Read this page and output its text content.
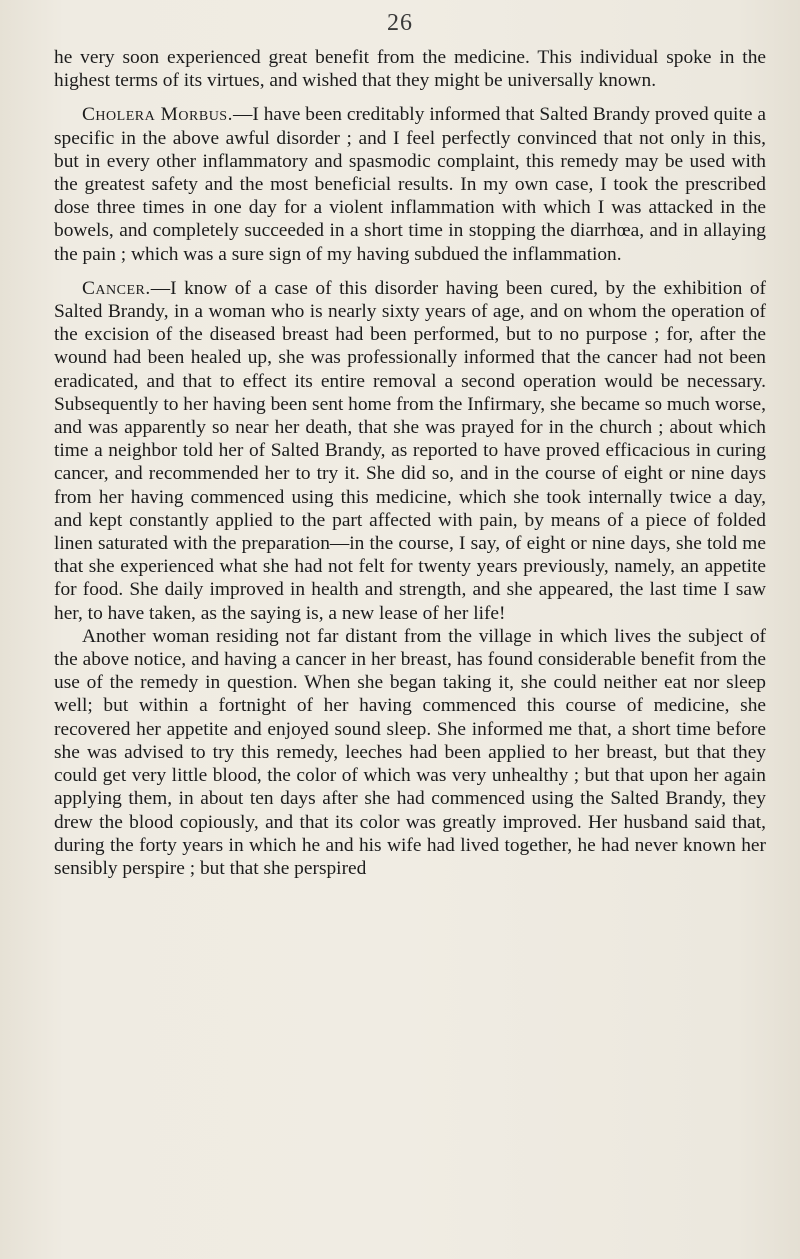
26

he very soon experienced great benefit from the medicine. This individual spoke in the highest terms of its virtues, and wished that they might be universally known.

Cholera Morbus.—I have been creditably informed that Salted Brandy proved quite a specific in the above awful disorder ; and I feel perfectly convinced that not only in this, but in every other inflammatory and spasmodic complaint, this remedy may be used with the greatest safety and the most beneficial results. In my own case, I took the prescribed dose three times in one day for a violent inflammation with which I was attacked in the bowels, and completely succeeded in a short time in stopping the diarrhœa, and in allaying the pain ; which was a sure sign of my having subdued the inflammation.

Cancer.—I know of a case of this disorder having been cured, by the exhibition of Salted Brandy, in a woman who is nearly sixty years of age, and on whom the operation of the excision of the diseased breast had been performed, but to no purpose ; for, after the wound had been healed up, she was professionally informed that the cancer had not been eradicated, and that to effect its entire removal a second operation would be necessary. Subsequently to her having been sent home from the Infirmary, she became so much worse, and was apparently so near her death, that she was prayed for in the church ; about which time a neighbor told her of Salted Brandy, as reported to have proved efficacious in curing cancer, and recommended her to try it. She did so, and in the course of eight or nine days from her having commenced using this medicine, which she took internally twice a day, and kept constantly applied to the part affected with pain, by means of a piece of folded linen saturated with the preparation—in the course, I say, of eight or nine days, she told me that she experienced what she had not felt for twenty years previously, namely, an appetite for food. She daily improved in health and strength, and she appeared, the last time I saw her, to have taken, as the saying is, a new lease of her life!

Another woman residing not far distant from the village in which lives the subject of the above notice, and having a cancer in her breast, has found considerable benefit from the use of the remedy in question. When she began taking it, she could neither eat nor sleep well; but within a fortnight of her having commenced this course of medicine, she recovered her appetite and enjoyed sound sleep. She informed me that, a short time before she was advised to try this remedy, leeches had been applied to her breast, but that they could get very little blood, the color of which was very unhealthy ; but that upon her again applying them, in about ten days after she had commenced using the Salted Brandy, they drew the blood copiously, and that its color was greatly improved. Her husband said that, during the forty years in which he and his wife had lived together, he had never known her sensibly perspire ; but that she perspired
